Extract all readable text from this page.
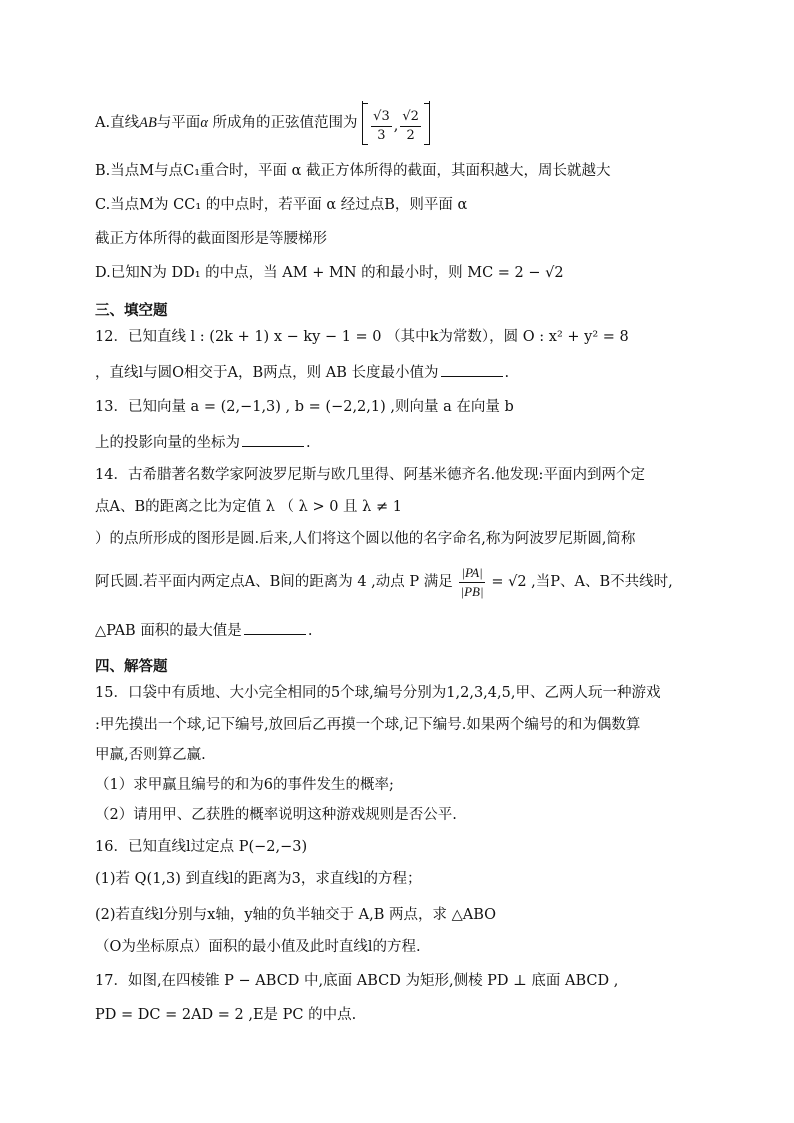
A.直线AB与平面α 所成角的正弦值范围为 $\frac{√3}{3}$ , $\frac{√2}{2}$
B.当点M与点C₁重合时，平面 α 截正方体所得的截面，其面积越大，周长就越大
C.当点M为 CC₁ 的中点时，若平面 α 经过点B，则平面 α
截正方体所得的截面图形是等腰梯形
D.已知N为 DD₁ 的中点，当 AM + MN 的和最小时，则 MC = 2 − √2
三、填空题
12．已知直线 l : (2k + 1) x − ky − 1 = 0 （其中k为常数），圆 O : x² + y² = 8
，直线l与圆O相交于A，B两点，则 AB 长度最小值为	.
13．已知向量 a = (2,−1,3) , b = (−2,2,1) ,则向量 a 在向量 b
上的投影向量的坐标为	.
14．古希腊著名数学家阿波罗尼斯与欧几里得、阿基米德齐名.他发现:平面内到两个定
点A、B的距离之比为定值 λ （ λ > 0 且 λ ≠ 1
）的点所形成的图形是圆.后来,人们将这个圆以他的名字命名,称为阿波罗尼斯圆,简称
阿氏圆.若平面内两定点A、B间的距离为 4 ,动点 P 满足 $\frac{|PA|}{|PB|} = √2$ ,当P、A、B不共线时,
△PAB 面积的最大值是	.
四、解答题
15．口袋中有质地、大小完全相同的5个球,编号分别为1,2,3,4,5,甲、乙两人玩一种游戏
:甲先摸出一个球,记下编号,放回后乙再摸一个球,记下编号.如果两个编号的和为偶数算
甲赢,否则算乙赢.
（1）求甲赢且编号的和为6的事件发生的概率;
（2）请用甲、乙获胜的概率说明这种游戏规则是否公平.
16．已知直线l过定点 P(−2,−3)
(1)若 Q(1,3) 到直线l的距离为3，求直线l的方程；
(2)若直线l分别与x轴，y轴的负半轴交于 A,B 两点，求 △ABO
（O为坐标原点）面积的最小值及此时直线l的方程.
17．如图,在四棱锥 P − ABCD 中,底面 ABCD 为矩形,侧棱 PD ⊥ 底面 ABCD ,
PD = DC = 2AD = 2 ,E是 PC 的中点.
